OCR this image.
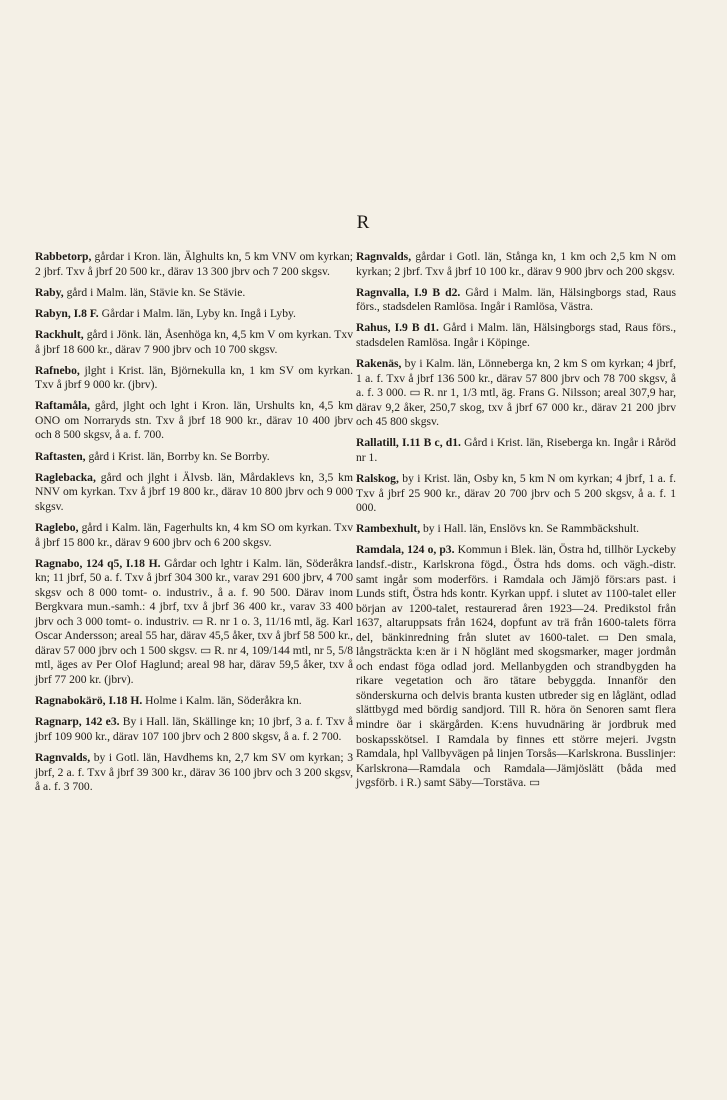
R

Rabbetorp, gårdar i Kron. län, Älghults kn, 5 km VNV om kyrkan; 2 jbrf. Txv å jbrf 20 500 kr., därav 13 300 jbrv och 7 200 skgsv.

Raby, gård i Malm. län, Stävie kn. Se Stävie.

Rabyn, I.8 F. Gårdar i Malm. län, Lyby kn. Ingå i Lyby.

Rackhult, gård i Jönk. län, Åsenhöga kn, 4,5 km V om kyrkan. Txv å jbrf 18 600 kr., därav 7 900 jbrv och 10 700 skgsv.

Rafnebo, jlght i Krist. län, Björnekulla kn, 1 km SV om kyrkan. Txv å jbrf 9 000 kr. (jbrv).

Raftamåla, gård, jlght och lght i Kron. län, Urshults kn, 4,5 km ONO om Norraryds stn. Txv å jbrf 18 900 kr., därav 10 400 jbrv och 8 500 skgsv, å a. f. 700.

Raftasten, gård i Krist. län, Borrby kn. Se Borrby.

Raglebacka, gård och jlght i Älvsb. län, Mårdaklevs kn, 3,5 km NNV om kyrkan. Txv å jbrf 19 800 kr., därav 10 800 jbrv och 9 000 skgsv.

Raglebo, gård i Kalm. län, Fagerhults kn, 4 km SO om kyrkan. Txv å jbrf 15 800 kr., därav 9 600 jbrv och 6 200 skgsv.

Ragnabo, 124 q5, I.18 H. Gårdar och lghtr i Kalm. län, Söderåkra kn; 11 jbrf, 50 a. f. Txv å jbrf 304 300 kr., varav 291 600 jbrv, 4 700 skgsv och 8 000 tomt- o. industriv., å a. f. 90 500. Därav inom Bergkvara mun.-samh.: 4 jbrf, txv å jbrf 36 400 kr., varav 33 400 jbrv och 3 000 tomt- o. industriv. ▭ R. nr 1 o. 3, 11/16 mtl, äg. Karl Oscar Andersson; areal 55 har, därav 45,5 åker, txv å jbrf 58 500 kr., därav 57 000 jbrv och 1 500 skgsv. ▭ R. nr 4, 109/144 mtl, nr 5, 5/8 mtl, äges av Per Olof Haglund; areal 98 har, därav 59,5 åker, txv å jbrf 77 200 kr. (jbrv).

Ragnabokärö, I.18 H. Holme i Kalm. län, Söderåkra kn.

Ragnarp, 142 e3. By i Hall. län, Skällinge kn; 10 jbrf, 3 a. f. Txv å jbrf 109 900 kr., därav 107 100 jbrv och 2 800 skgsv, å a. f. 2 700.

Ragnvalds, by i Gotl. län, Havdhems kn, 2,7 km SV om kyrkan; 3 jbrf, 2 a. f. Txv å jbrf 39 300 kr., därav 36 100 jbrv och 3 200 skgsv, å a. f. 3 700.

Ragnvalds, gårdar i Gotl. län, Stånga kn, 1 km och 2,5 km N om kyrkan; 2 jbrf. Txv å jbrf 10 100 kr., därav 9 900 jbrv och 200 skgsv.

Ragnvalla, I.9 B d2. Gård i Malm. län, Hälsingborgs stad, Raus förs., stadsdelen Ramlösa. Ingår i Ramlösa, Västra.

Rahus, I.9 B d1. Gård i Malm. län, Hälsingborgs stad, Raus förs., stadsdelen Ramlösa. Ingår i Köpinge.

Rakenäs, by i Kalm. län, Lönneberga kn, 2 km S om kyrkan; 4 jbrf, 1 a. f. Txv å jbrf 136 500 kr., därav 57 800 jbrv och 78 700 skgsv, å a. f. 3 000. ▭ R. nr 1, 1/3 mtl, äg. Frans G. Nilsson; areal 307,9 har, därav 9,2 åker, 250,7 skog, txv å jbrf 67 000 kr., därav 21 200 jbrv och 45 800 skgsv.

Rallatill, I.11 B c, d1. Gård i Krist. län, Riseberga kn. Ingår i Råröd nr 1.

Ralskog, by i Krist. län, Osby kn, 5 km N om kyrkan; 4 jbrf, 1 a. f. Txv å jbrf 25 900 kr., därav 20 700 jbrv och 5 200 skgsv, å a. f. 1 000.

Rambexhult, by i Hall. län, Enslövs kn. Se Rammbäckshult.

Ramdala, 124 o, p3. Kommun i Blek. län, Östra hd, tillhör Lyckeby landsf.-distr., Karlskrona fögd., Östra hds doms. och vägh.-distr. samt ingår som moderförs. i Ramdala och Jämjö förs:ars past. i Lunds stift, Östra hds kontr. Kyrkan uppf. i slutet av 1100-talet eller början av 1200-talet, restaurerad åren 1923—24. Predikstol från 1637, altaruppsats från 1624, dopfunt av trä från 1600-talets förra del, bänkinredning från slutet av 1600-talet. ▭ Den smala, långsträckta k:en är i N höglänt med skogsmarker, mager jordmån och endast föga odlad jord. Mellanbygden och strandbygden ha rikare vegetation och äro tätare bebyggda. Innanför den sönderskurna och delvis branta kusten utbreder sig en låglänt, odlad slättbygd med bördig sandjord. Till R. höra ön Senoren samt flera mindre öar i skärgården. K:ens huvudnäring är jordbruk med boskapsskötsel. I Ramdala by finnes ett större mejeri. Jvgstn Ramdala, hpl Vallbyvägen på linjen Torsås—Karlskrona. Busslinjer: Karlskrona—Ramdala och Ramdala—Jämjöslätt (båda med jvgsförb. i R.) samt Säby—Torstäva. ▭
